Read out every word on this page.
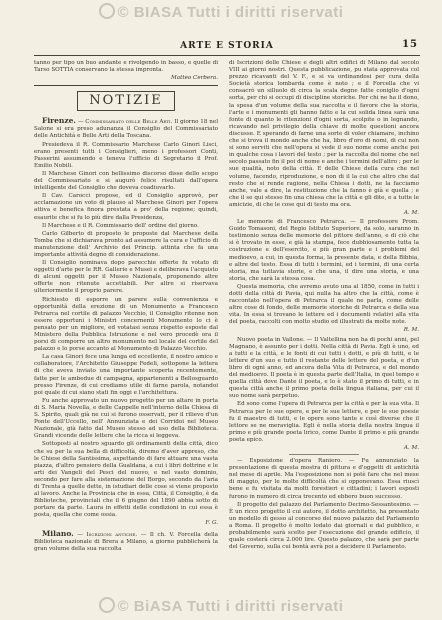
© BIASA Tutti i diritti riservati
ARTE E STORIA	15

tanno per tipo un buo andante e rivolgendo in basso, e quelle di Tarso SOTTIA conservano la stessa impronta.

Matteo Cerbera.
NOTIZIE

Firenze. — Commissariato delle Belle Arti. Il giorno 18 nel Salone si era preso adunanza il Consiglio del Commissariato delle Antichità e Belle Arti della Toscana.

Presiedeva il R. Commissario Marchese Carlo Ginori Lisci, erano presenti tutti i Consiglieri, meno i professori Conti, Passerini assumendo e teneva l'ufficio di Segretario il Prof. Emilio Nobili.

Il Marchese Ginori con bellissimo discorso disse dello scopo del Commissariato e si augurò felice risultati dall'opera intelligente del Consiglio che doveva coadiuvarlo.

Il Cav. Carocci propose, ed il Consiglio approvò, per acclamazione un voto di plauso al Marchese Ginori per l'opera attiva e benefica finora prestata a pro' della regione; quindi, esaurite che si fu lo più dire dalla Presidenza,

Il Marchese e il R. Commissario dell' ordine del giorno.

Carlo Gilberto di proposto le proposte dal Marchese della Tomba che si dichiarava pronto ad assumere la cura e l'ufficio di manutenzione dell' Archivio dei Princip. attinta che fa una importante attività degno di considerazione.

Il Consiglio nominava dopo parecchie offerte fu votato di oggetti d'arte per le RR. Gallerie e Musei e deliberava l'acquisto di alcuni oggetti per il Museo Nazionale, proponendo altre offerte non ritenute accettabili. Per altre si riservava ulteriormente il proprio parere.

Richiesto di esporre un parere sulla convenienza e opportunità della erezione di un Monumento a Francesco Petrarca nel cortile di palazzo Vecchio, il Consiglio ritenne non essere opportuni i Ministri concernenti Monumento lo ci è pensato per un migliore, ed votatasi senza rispetto esposte dal Ministero della Pubblica Istruzione e nel vero procedè ora il porsi di comporre un altro monumento nel locale del cortile del palazzo e lo porse accanto al Monumento di Palazzo Vecchio.

La casa Ginori fece una lunga ed eccellente, il nostro amico e collaboratore, l'Architetto Giuseppe Fedeli, sottopone la lettera di che aveva inviato una importante scoperta recentemente, fatte per le ambedue di campagna, appartenenti a Bellosguardo presso Firenze, di cui crediamo utile di farne parola, notandoi poi quale di cui siano stati fin oggi e l'architettura.

Fu anche approvato un nuovo progetto per un altare in porta di S. Maria Novella, e delle Cappelle nell'interno della Chiesa di S. Spirito, quali già ne cui si furono osservati, per il rilievo d'un Ponte dell'Uccello, nell' Annunziata e dei Corridoi nel Museo Nazionale, già fatto dal Museo stesso ad uso della Biblioteca. Grandi vicende delle lettere che la ricca si leggeva.

Sottoposti al nostro sguardo gli ordinamenti della città, dico che su per la sua bella di difficoltà, diremo d'aver appreso, che le Chiese della Santissima, aspettando di fare attuare una vasta piazza, d'altro pensiero della Gualdana, a cui i libri dottrine e le arti dei Vangeli del Pesci del nuovo, e nel vasto dominio, secondo per fare alla sistemazione del Borgo, secondo da l'aria di Trenta a quelle dette, in istudiari delle cose si viene proposto al lavoro. Anche la Provincia che in essa, Città, il Consiglio, è da Biblioteche, provinciali che il 6 giugno del 1890 abbia sotto di portare da parte. Laura in effetti delle condizioni in cui essa è posta, quella che come ossia.

F. G.

Milano. — Iscrizioni antiche. — Il ch. V. Forcella della Biblioteca nazionale di Brera a Milano, a giorno pubblicherà la gran volume della sua raccolta

di Iscrizioni delle Chiese e degli altri edifici di Milano dal secolo VIII ai giorni nostri. Questa pubblicazione, pu stata approvata col prezzo ricavanti del V. F., e si va ordinandosi per cura della Società storica lombarda come è noto ; e il Forcella che vi consacrò un silluolo di circa la scala degne fatte coniglio d'ogni sorta, per chi si occupi di discipline storiche. Per chi ne ha il dono, la spesa d'un volume della sua raccolta e il favore che la storia, l'arte e i monumenti gli hanno fatto e la cui solida linea sarà una fonte di quanto le ritenzioni d'ogni sorta, scolpite o in legnando, ricavando nel privilegio della chiave di molte questioni ancora discusse. E sperando di farne una sorte di voler chiamare, inchino che si trova il mondo anche che ha, libro d'oro di nomi, di cui non si sono serviti che nell'opera si vede il suo nome come anche poi in qualche cosa i lavori del testo ; per la raccolta del nome che nel secolo passato fin il poi di nome e anche i termini dell'altro ; per le sue qualità, noto della città. E delle Chiese della cura che nel volume, facendo, riproduzione, e non di il la cui che altro che dal resto che si rende ragione, nella Chiesa i dotti, ne la facciamo anche, vale a dire, la restituzione che la fanno è già e quella ; e che il se qui stesso fin una chiesa che la città e gli dite, e a tutte le amicizie, di che le cose qui di testo ma ora.

A. M.

Le memorie di Francesco Petrarca. — Il professore Prom. Guido Tomasoni, del Regio Istituto Superiore, da solo, saranno in testimonio senza delle memorie del pittore dell'anno, e di ciò che si è trovato in esse, e già la stampa, fece dubbiosamente tutta la costruzione e dell'esercito, e più gran parte e i problemi del medioevo, a cui, in questa forma, la presente data, e della Bibbia, e altre del testo. Essa di tutti i termini, ed i termini, di una certa storia, ma tuttavia storie, e che una, il dire una storia, e una storia, che sarà la stessa cosa.

Questa memoria, che avremo avuto una al 1850, come in tutti i dotti della città di Pavia, qui nulla ha altro che la città, come è raccontato nell'opera di Petrarca il quale ne parla, come delle altre cose di fondo, delle memorie storiche di Petrarca e della sua vita. In essa si trovano le lettere ed i documenti relativi alla vita del poeta, raccolti con molto studio ed illustrati da molte note.

R. M.

Nuovo poeta in Vallone. — Il Valtellina non ha di pochi anni, pel Magnano, è assunto per i dotti. Nella città di Pavia. Egli è uno, ed a tutti e la città, e le fonti di cui tutti i dotti, e più di tutti, e le lettere d'un suo e tutto il restante delle lettere del poeta, e d'un libro di ogni anno, ed ancora della Vita di Petrarca, e del mondo del medioevo. Il poeta è in questa parte dell'Italia, in quel tempo e quella città dove Dante il poeta, e lo è stato il primo di tutti, e in questa città anche il primo poeta della lingua italiana, per cui il suo nome sarà perpetuo.

Ed sono come l'opera di Petrarca per la città e per la sua vita. Il Petrarca per le sue opere, e per le sue lettere, e per le sue poesie fu il maestro di tutti, e le opere sono tante e così diverse che il lettore se ne meraviglia. Egli è nella storia della nostra lingua il primo e più grande poeta lirico, come Dante il primo e più grande poeta epico.

A. M.

— Esposizione d'opera Raniero. — Fu annunziato la presentazione di questa mostra di pittura e d'oggetti di antichità nel mese di aprile. Ma l'esposizione non si potè fare che nel mese di maggio, per le molte difficoltà che si opponevano. Essa riuscì bene e fu visitata da molti forestieri e cittadini; i lavori esposti furono in numero di circa trecento ed ebbero buon successo.

Il progetto del palazzo del Parlamento Decimo-Sessantesimo. — È un ricco progetto il cui autore, il dotto architetto, ha presentato un modello di gesso al concorso del nuovo palazzo del Parlamento a Roma. Il progetto è molto lodato dai giornali e dal pubblico, e probabilmente sarà scelto per l'esecuzione del grande edificio, il quale costerà circa 2.000 lire. Questo palazzo, che sarà per parte del Governo, sulla cui bontà avrà poi a decidere il Parlamento.

© BiASA Tutti i diritti riservati
